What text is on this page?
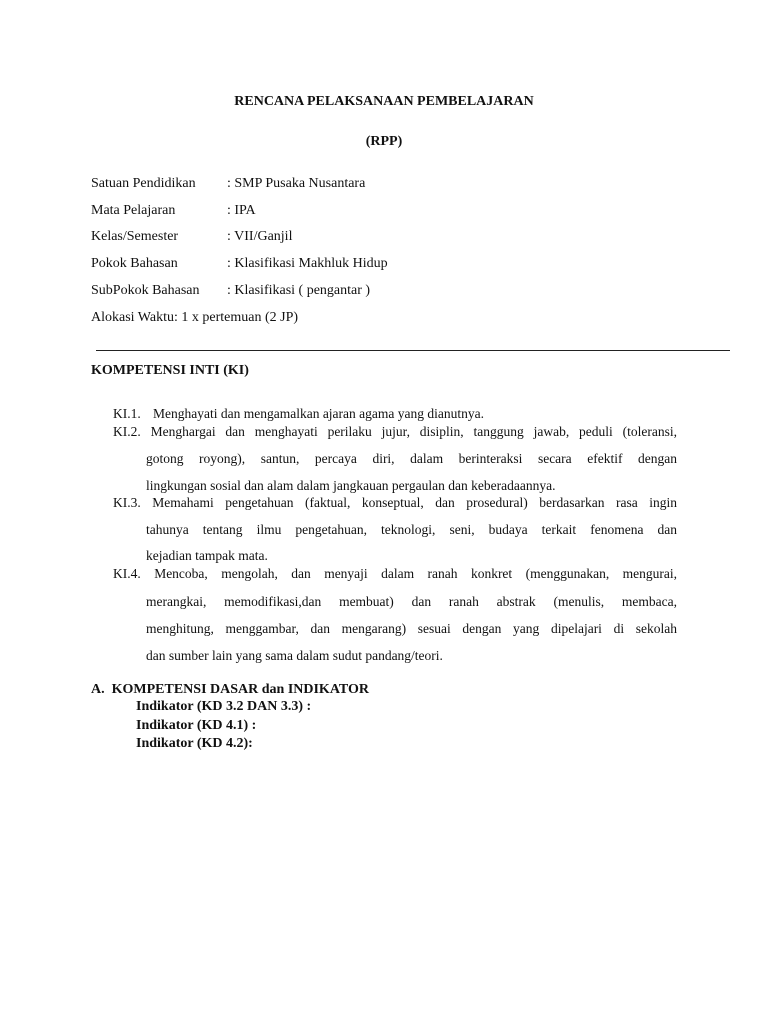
RENCANA PELAKSANAAN PEMBELAJARAN
(RPP)
Satuan Pendidikan : SMP Pusaka Nusantara
Mata Pelajaran	: IPA
Kelas/Semester	: VII/Ganjil
Pokok Bahasan	: Klasifikasi Makhluk Hidup
SubPokok Bahasan : Klasifikasi ( pengantar )
Alokasi Waktu: 1 x pertemuan (2 JP)
KOMPETENSI INTI (KI)
KI.1. Menghayati dan mengamalkan ajaran agama yang dianutnya.
KI.2. Menghargai dan menghayati perilaku jujur, disiplin, tanggung jawab, peduli (toleransi,
gotong royong), santun, percaya diri, dalam berinteraksi secara efektif dengan
lingkungan sosial dan alam dalam jangkauan pergaulan dan keberadaannya.
KI.3. Memahami pengetahuan (faktual, konseptual, dan prosedural) berdasarkan rasa ingin
tahunya tentang ilmu pengetahuan, teknologi, seni, budaya terkait fenomena dan
kejadian tampak mata.
KI.4. Mencoba, mengolah, dan menyaji dalam ranah konkret (menggunakan, mengurai,
merangkai, memodifikasi,dan membuat) dan ranah abstrak (menulis, membaca,
menghitung, menggambar, dan mengarang) sesuai dengan yang dipelajari di sekolah
dan sumber lain yang sama dalam sudut pandang/teori.
A.  KOMPETENSI DASAR dan INDIKATOR
Indikator (KD 3.2 DAN 3.3) :
Indikator (KD 4.1) :
Indikator (KD 4.2):
